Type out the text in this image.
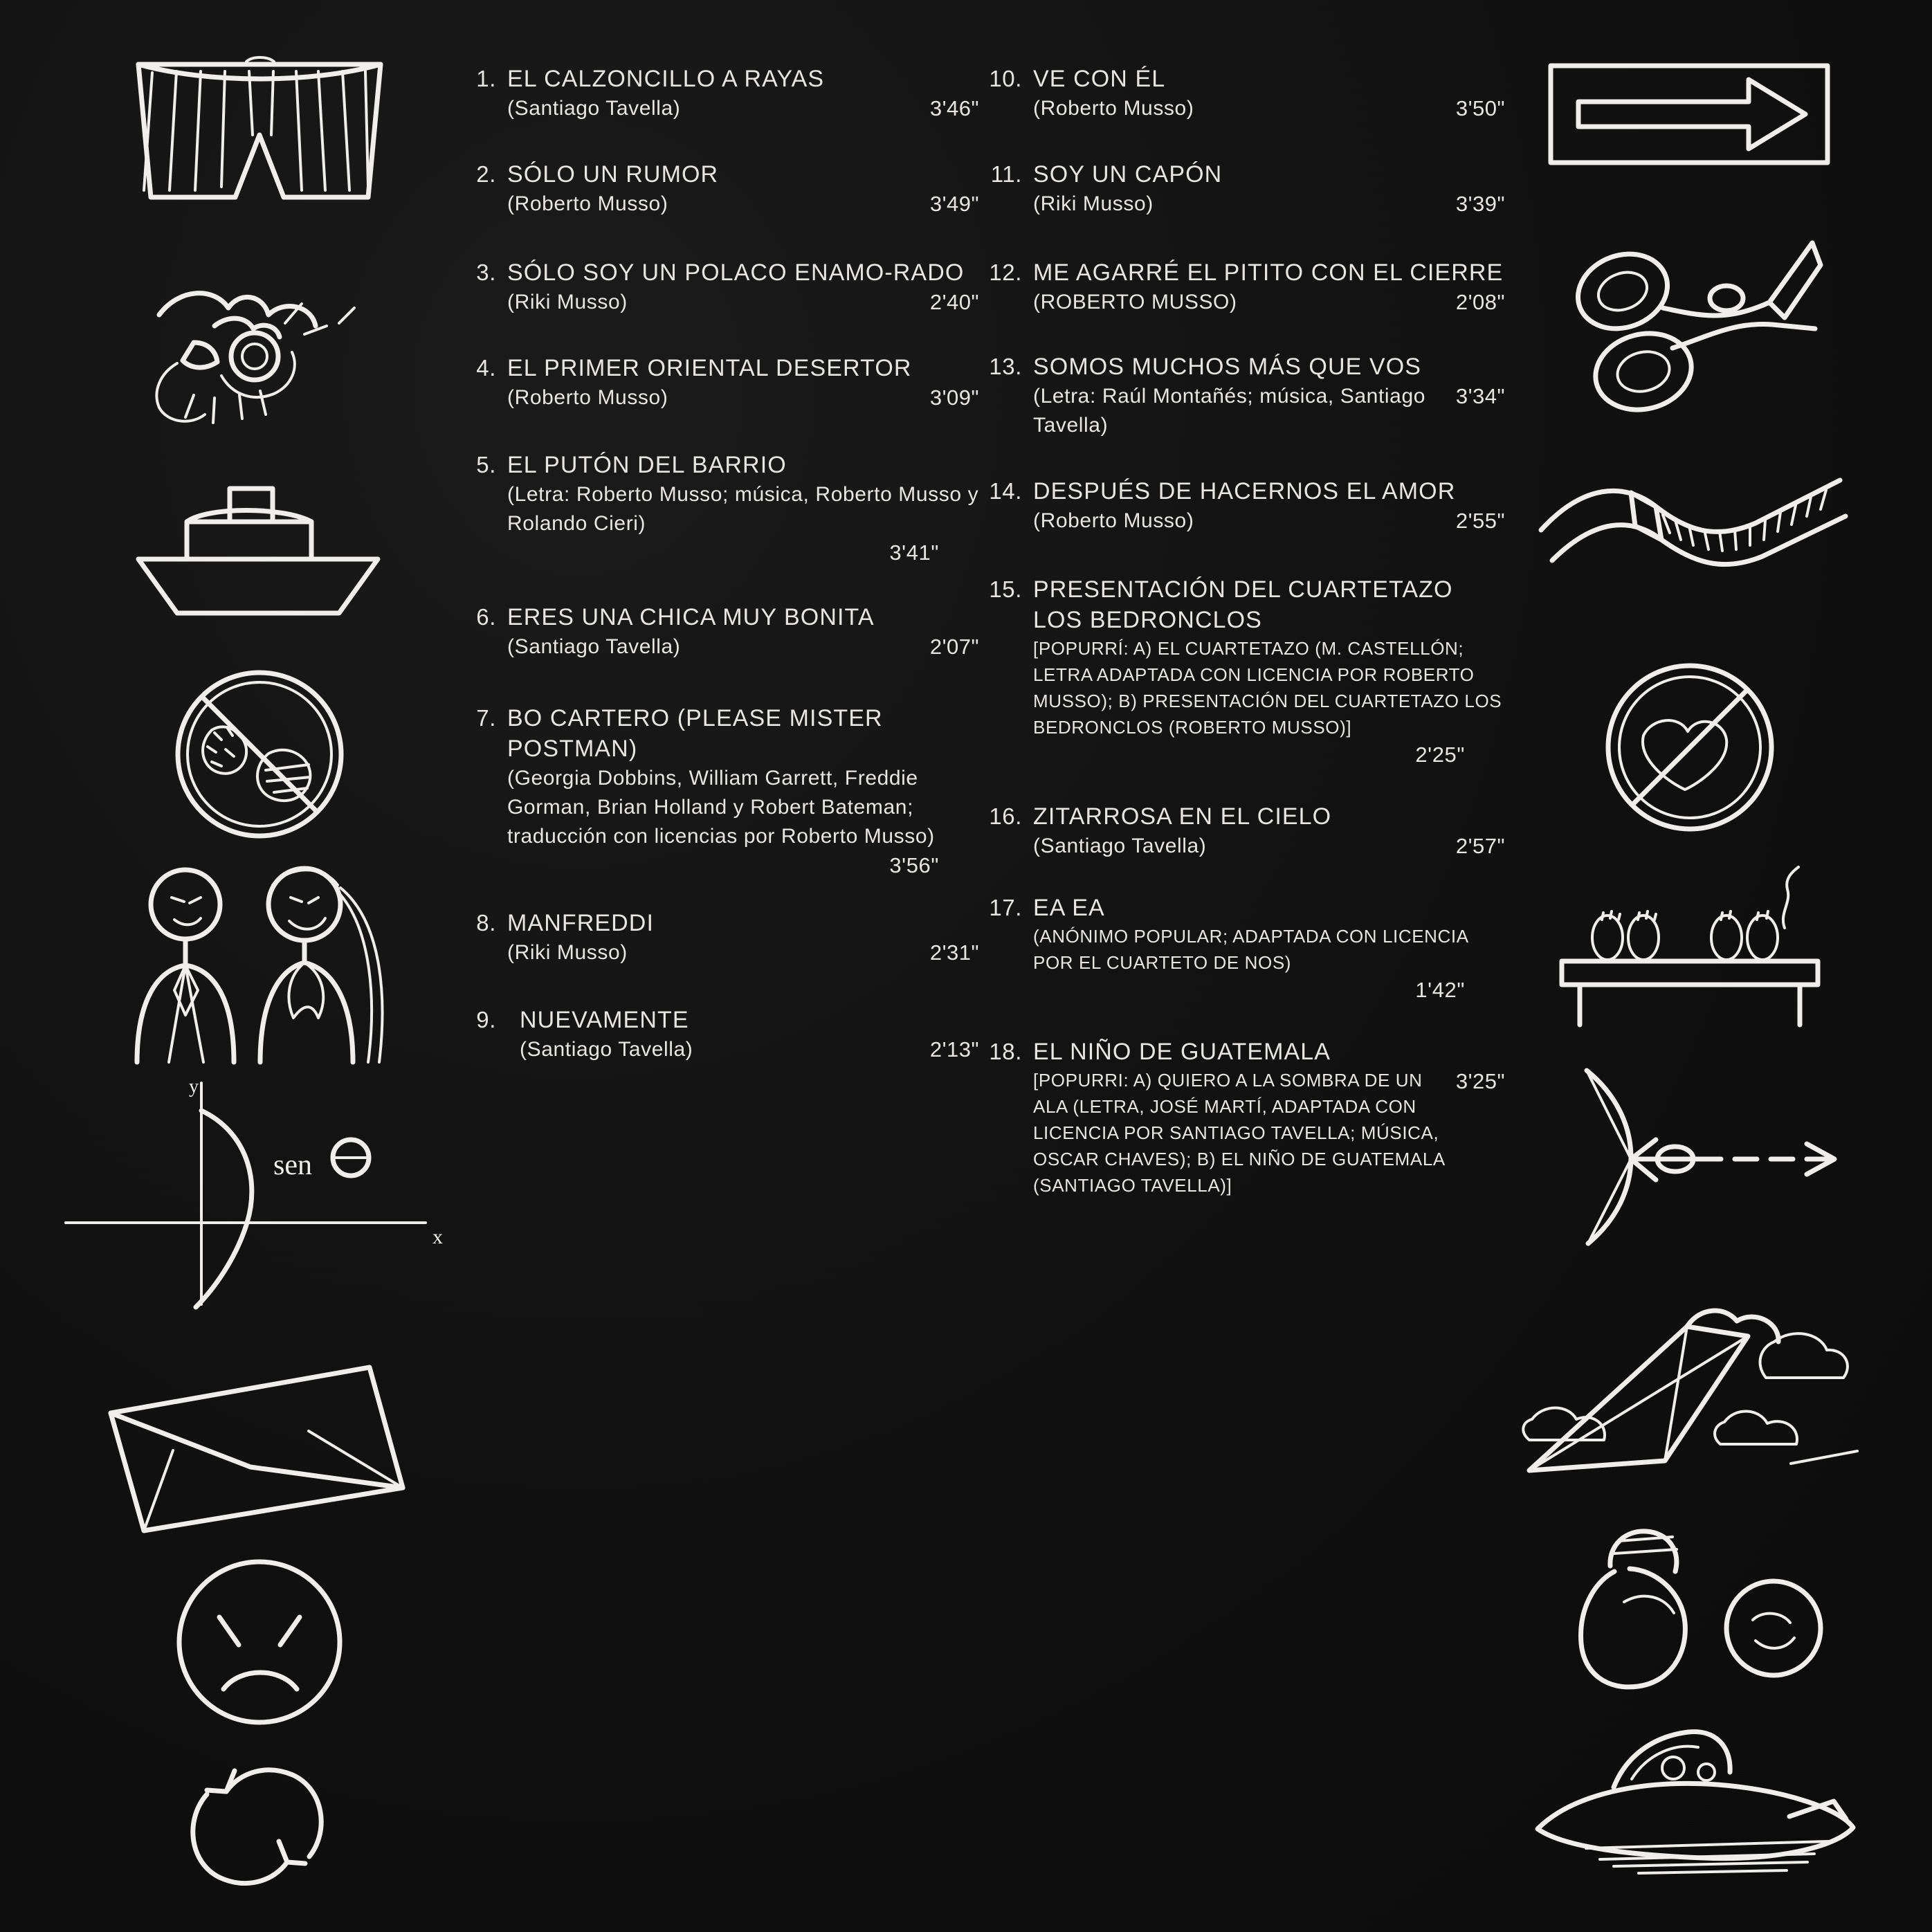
y
x
sen
1. EL CALZONCILLO A RAYAS
3'46"
(Santiago Tavella)
2. SÓLO UN RUMOR
3'49"
(Roberto Musso)
3. SÓLO SOY UN POLACO ENAMO-RADO
2'40"
(Riki Musso)
4. EL PRIMER ORIENTAL DESERTOR
3'09"
(Roberto Musso)
5. EL PUTÓN DEL BARRIO
(Letra: Roberto Musso; música, Roberto Musso y Rolando Cieri)
3'41"
6. ERES UNA CHICA MUY BONITA
2'07"
(Santiago Tavella)
7. BO CARTERO (PLEASE MISTER POSTMAN)
(Georgia Dobbins, William Garrett, Freddie Gorman, Brian Holland y Robert Bateman; traducción con licencias por Roberto Musso)
3'56"
8. MANFREDDI
2'31"
(Riki Musso)
9. NUEVAMENTE
2'13"
(Santiago Tavella)
10. VE CON ÉL
3'50"
(Roberto Musso)
11. SOY UN CAPÓN
3'39"
(Riki Musso)
12. ME AGARRÉ EL PITITO CON EL CIERRE
2'08"
(ROBERTO MUSSO)
13. SOMOS MUCHOS MÁS QUE VOS
3'34"
(Letra: Raúl Montañés; música, Santiago Tavella)
14. DESPUÉS DE HACERNOS EL AMOR
2'55"
(Roberto Musso)
15. PRESENTACIÓN DEL CUARTETAZO LOS BEDRONCLOS
[POPURRÍ: A) EL CUARTETAZO (M. CASTELLÓN; LETRA ADAPTADA CON LICENCIA POR ROBERTO MUSSO); B) PRESENTACIÓN DEL CUARTETAZO LOS BEDRONCLOS (ROBERTO MUSSO)]
2'25"
16. ZITARROSA EN EL CIELO
2'57"
(Santiago Tavella)
17. EA EA
(ANÓNIMO POPULAR; ADAPTADA CON LICENCIA POR EL CUARTETO DE NOS)
1'42"
18. EL NIÑO DE GUATEMALA
3'25"
[POPURRI: A) QUIERO A LA SOMBRA DE UN ALA (LETRA, JOSÉ MARTÍ, ADAPTADA CON LICENCIA POR SANTIAGO TAVELLA; MÚSICA, OSCAR CHAVES); B) EL NIÑO DE GUATEMALA (SANTIAGO TAVELLA)]
